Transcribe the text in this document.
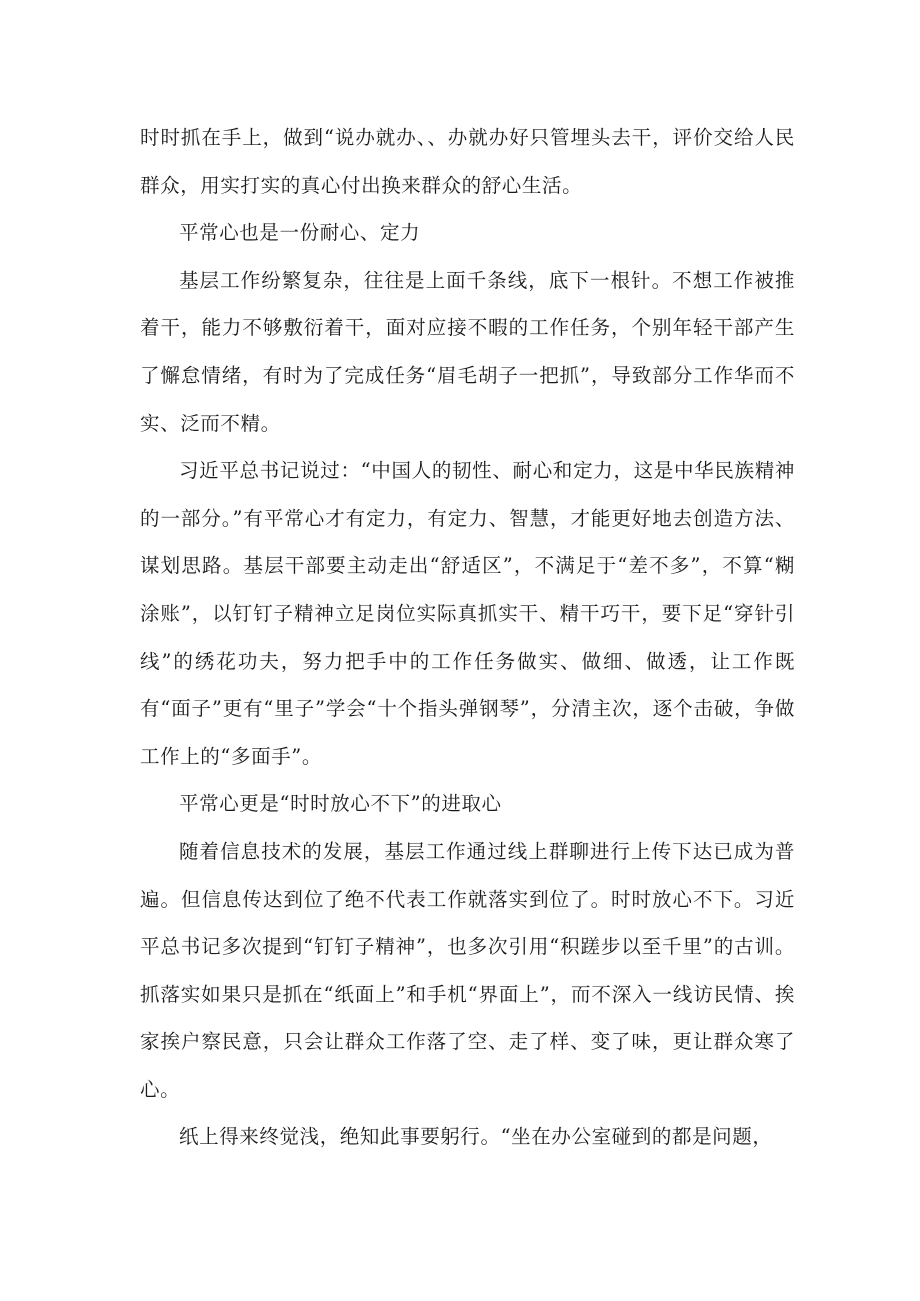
时时抓在手上，做到“说办就办、、办就办好只管埋头去干，评价交给人民群众，用实打实的真心付出换来群众的舒心生活。

平常心也是一份耐心、定力

基层工作纷繁复杂，往往是上面千条线，底下一根针。不想工作被推着干，能力不够敷衍着干，面对应接不暇的工作任务，个别年轻干部产生了懈怠情绪，有时为了完成任务“眉毛胡子一把抓”，导致部分工作华而不实、泛而不精。

习近平总书记说过：“中国人的韧性、耐心和定力，这是中华民族精神的一部分。”有平常心才有定力，有定力、智慧，才能更好地去创造方法、谋划思路。基层干部要主动走出“舒适区”，不满足于“差不多”，不算“糊涂账”，以钉钉子精神立足岗位实际真抓实干、精干巧干，要下足“穿针引线”的绣花功夫，努力把手中的工作任务做实、做细、做透，让工作既有“面子”更有“里子”学会“十个指头弹钢琴”，分清主次，逐个击破，争做工作上的“多面手”。

平常心更是“时时放心不下”的进取心

随着信息技术的发展，基层工作通过线上群聊进行上传下达已成为普遍。但信息传达到位了绝不代表工作就落实到位了。时时放心不下。习近平总书记多次提到“钉钉子精神”，也多次引用“积蹉步以至千里”的古训。抓落实如果只是抓在“纸面上”和手机“界面上”，而不深入一线访民情、挨家挨户察民意，只会让群众工作落了空、走了样、变了味，更让群众寒了心。

纸上得来终觉浅，绝知此事要躬行。“坐在办公室碰到的都是问题，
